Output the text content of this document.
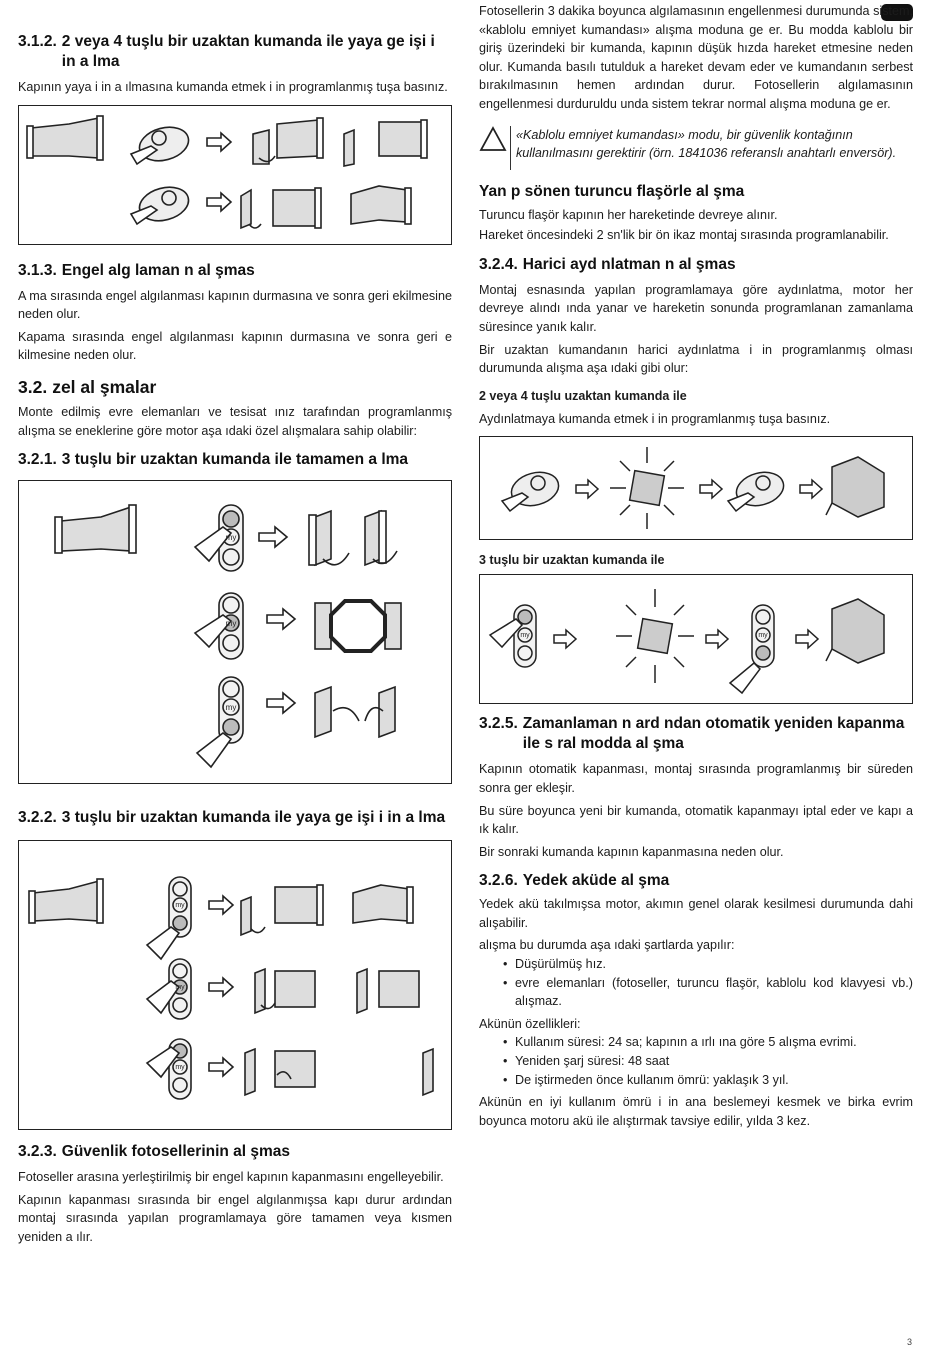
3.1.2. 2 veya 4 tuşlu bir uzaktan kumanda ile yaya ge işi i in a lma

Kapının yaya i in a ılmasına kumanda etmek i in programlanmış tuşa basınız.

3.1.3. Engel alg laman n al şmas

A ma sırasında engel algılanması kapının durmasına ve sonra geri ekilmesine neden olur.

Kapama sırasında engel algılanması kapının durmasına ve sonra geri e kilmesine neden olur.

3.2. zel al şmalar

Monte edilmiş evre elemanları ve tesisat ınız tarafından programlanmış alışma se eneklerine göre motor aşa ıdaki özel alışmalara sahip olabilir:

3.2.1. 3 tuşlu bir uzaktan kumanda ile tamamen a lma
my
my
my
3.2.2. 3 tuşlu bir uzaktan kumanda ile yaya ge işi i in a lma
my
my
my
3.2.3. Güvenlik fotosellerinin al şmas

Fotoseller arasına yerleştirilmiş bir engel kapının kapanmasını engelleyebilir.

Kapının kapanması sırasında bir engel algılanmışsa kapı durur ardından montaj sırasında yapılan programlamaya göre tamamen veya kısmen yeniden a ılır.

Fotosellerin 3 dakika boyunca algılamasının engellenmesi durumunda sistem, «kablolu emniyet kumandası» alışma moduna ge er. Bu modda kablolu bir giriş üzerindeki bir kumanda, kapının düşük hızda hareket etmesine neden olur. Kumanda basılı tutulduk a hareket devam eder ve kumandanın serbest bırakılmasının hemen ardından durur. Fotosellerin algılamasının engellenmesi durduruldu unda sistem tekrar normal alışma moduna ge er.

«Kablolu emniyet kumandası» modu, bir güvenlik kontağının kullanılmasını gerektirir (örn. 1841036 referanslı anahtarlı enversör).

Yan p sönen turuncu flaşörle al şma

Turuncu flaşör kapının her hareketinde devreye alınır.

Hareket öncesindeki 2 sn'lik bir ön ikaz montaj sırasında programlanabilir.

3.2.4. Harici ayd nlatman n al şmas

Montaj esnasında yapılan programlamaya göre aydınlatma, motor her devreye alındı ında yanar ve hareketin sonunda programlanan zamanlama süresince yanık kalır.

Bir uzaktan kumandanın harici aydınlatma i in programlanmış olması durumunda alışma aşa ıdaki gibi olur:

2 veya 4 tuşlu uzaktan kumanda ile

Aydınlatmaya kumanda etmek i in programlanmış tuşa basınız.

3 tuşlu bir uzaktan kumanda ile
my	my
3.2.5. Zamanlaman n ard ndan otomatik yeniden kapanma ile s ral modda al şma

Kapının otomatik kapanması, montaj sırasında programlanmış bir süreden sonra ger ekleşir.

Bu süre boyunca yeni bir kumanda, otomatik kapanmayı iptal eder ve kapı a ık kalır.

Bir sonraki kumanda kapının kapanmasına neden olur.

3.2.6. Yedek aküde al şma

Yedek akü takılmışsa motor, akımın genel olarak kesilmesi durumunda dahi alışabilir.

alışma bu durumda aşa ıdaki şartlarda yapılır:

• Düşürülmüş hız.
• evre elemanları (fotoseller, turuncu flaşör, kablolu kod klavyesi vb.) alışmaz.

Akünün özellikleri:

• Kullanım süresi: 24 sa; kapının a ırlı ına göre 5 alışma evrimi.
• Yeniden şarj süresi: 48 saat
• De iştirmeden önce kullanım ömrü: yaklaşık 3 yıl.

Akünün en iyi kullanım ömrü i in ana beslemeyi kesmek ve birka evrim boyunca motoru akü ile alıştırmak tavsiye edilir, yılda 3 kez.

3
